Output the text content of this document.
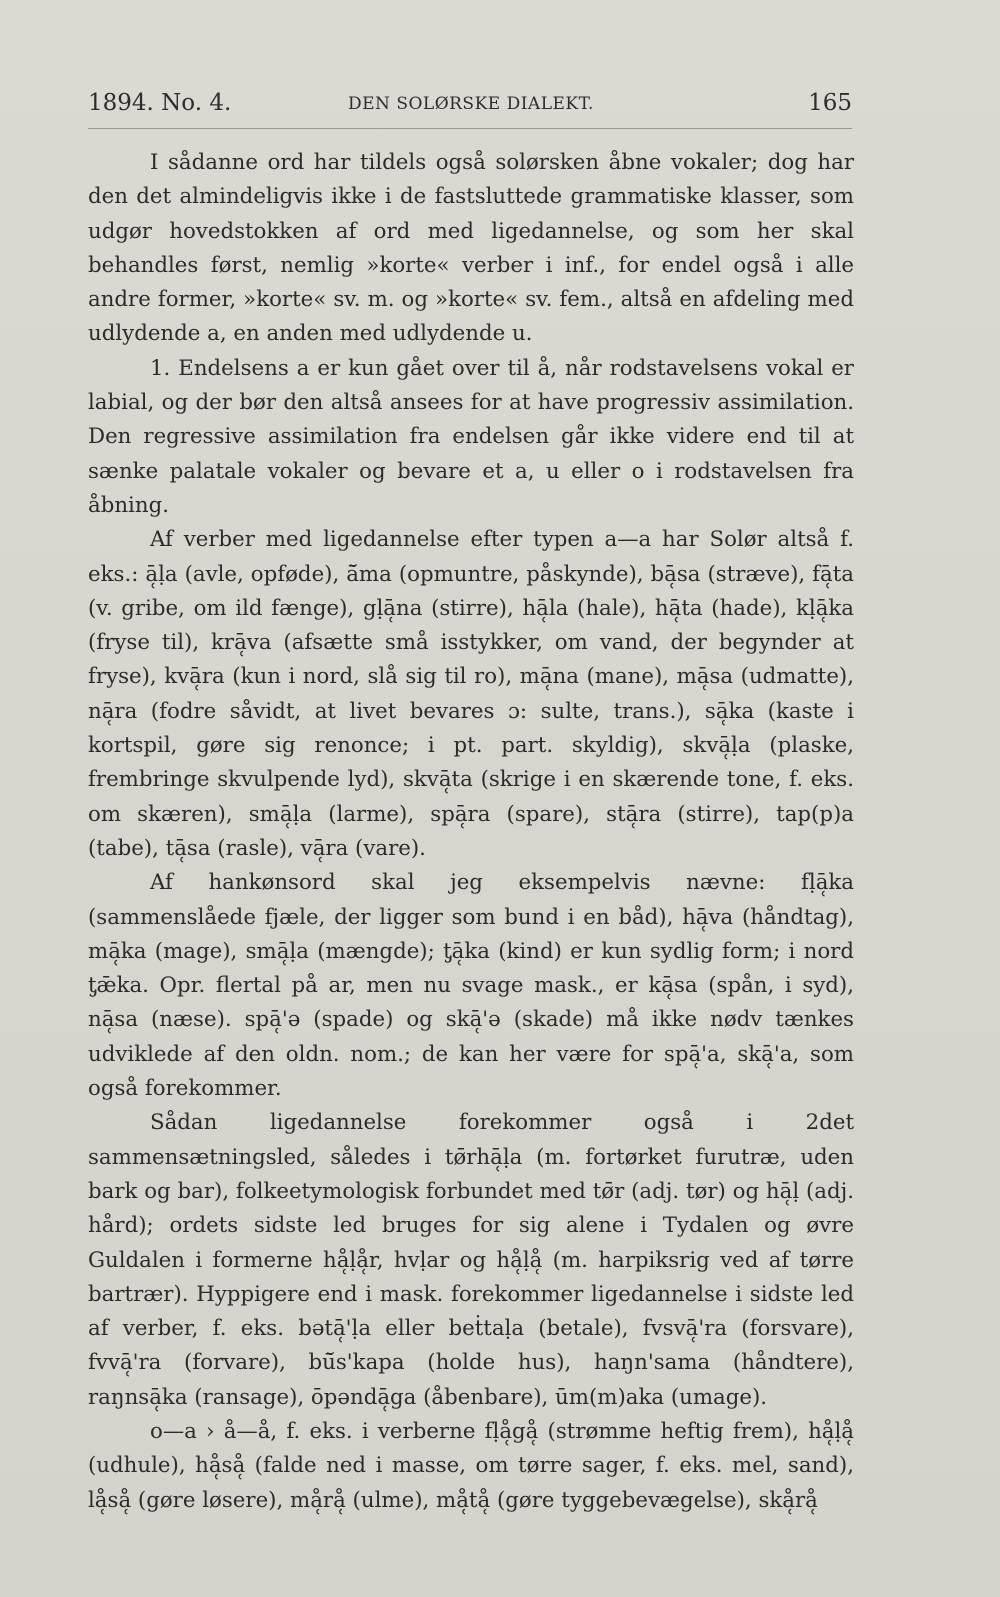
1894. No. 4.	DEN SOLØRSKE DIALEKT.	165

I sådanne ord har tildels også solørsken åbne vokaler; dog har den det almindeligvis ikke i de fastsluttede grammatiske klasser, som udgør hovedstokken af ord med ligedannelse, og som her skal behandles først, nemlig »korte« verber i inf., for endel også i alle andre former, »korte« sv. m. og »korte« sv. fem., altså en afdeling med udlydende a, en anden med udlydende u.

1. Endelsens a er kun gået over til å, når rodstavelsens vokal er labial, og der bør den altså ansees for at have progressiv assimilation. Den regressive assimilation fra endelsen går ikke videre end til at sænke palatale vokaler og bevare et a, u eller o i rodstavelsen fra åbning.

Af verber med ligedannelse efter typen a—a har Solør altså f. eks.: ā̜ḷa (avle, opføde), ā̆ma (opmuntre, påskynde), bā̜sa (stræve), fā̜ta (v. gribe, om ild fænge), gḷā̜na (stirre), hā̜la (hale), hā̜ta (hade), kḷā̜ka (fryse til), krā̜va (afsætte små isstykker, om vand, der begynder at fryse), kvā̜ra (kun i nord, slå sig til ro), mā̜na (mane), mā̜sa (udmatte), nā̜ra (fodre såvidt, at livet bevares ɔ: sulte, trans.), sā̜ka (kaste i kortspil, gøre sig renonce; i pt. part. skyldig), skvā̜ḷa (plaske, frembringe skvulpende lyd), skvā̜ta (skrige i en skærende tone, f. eks. om skæren), smā̜ḷa (larme), spā̜ra (spare), stā̜ra (stirre), tap(p)a (tabe), tā̜sa (rasle), vā̜ra (vare).

Af hankønsord skal jeg eksempelvis nævne: fḷā̜ka (sammenslåede fjæle, der ligger som bund i en båd), hā̜va (håndtag), mā̜ka (mage), smā̜ḷa (mængde); ƫā̜ka (kind) er kun sydlig form; i nord ƫǣka. Opr. flertal på ar, men nu svage mask., er kā̜sa (spån, i syd), nā̜sa (næse). spā̜'ə (spade) og skā̜'ə (skade) må ikke nødv tænkes udviklede af den oldn. nom.; de kan her være for spā̜'a, skā̜'a, som også forekommer.

Sådan ligedannelse forekommer også i 2det sammensætningsled, således i tø̄rhā̜ḷa (m. fortørket furutræ, uden bark og bar), folkeetymologisk forbundet med tø̄r (adj. tør) og hā̜ḷ (adj. hård); ordets sidste led bruges for sig alene i Tydalen og øvre Guldalen i formerne hå̜ḷå̜r, hvḷar og hå̜ḷå̜ (m. harpiksrig ved af tørre bartrær). Hyppigere end i mask. forekommer ligedannelse i sidste led af verber, f. eks. bətā̜'ḷa eller beṫtaḷa (betale), fvsvā̜'ra (forsvare), fvvā̜'ra (forvare), bū̆s'kapa (holde hus), haŋn'sama (håndtere), raŋnsā̜ka (ransage), ōpəndā̜ga (åbenbare), ūm(m)aka (umage).

o—a › å—å, f. eks. i verberne fḷå̜gå̜ (strømme heftig frem), hå̜ḷå̜ (udhule), hå̜så̜ (falde ned i masse, om tørre sager, f. eks. mel, sand), lå̜så̜ (gøre løsere), må̜rå̜ (ulme), må̜tå̜ (gøre tyggebevægelse), skå̜rå̜
